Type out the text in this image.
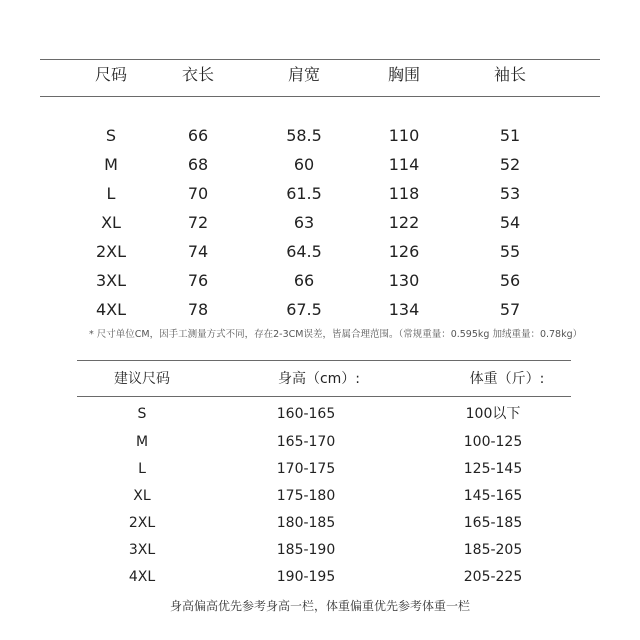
尺码	衣长	肩宽	胸围	袖长
S	66	58.5	110	51
M	68	60	114	52
L	70	61.5	118	53
XL	72	63	122	54
2XL	74	64.5	126	55
3XL	76	66	130	56
4XL	78	67.5	134	57
* 尺寸单位CM，因手工测量方式不同，存在2-3CM误差，皆属合理范围。（常规重量：0.595kg 加绒重量：0.78kg）
建议尺码	身高（cm）:	体重（斤）:
S	160-165	100以下
M	165-170	100-125
L	170-175	125-145
XL	175-180	145-165
2XL	180-185	165-185
3XL	185-190	185-205
4XL	190-195	205-225
身高偏高优先参考身高一栏，体重偏重优先参考体重一栏
